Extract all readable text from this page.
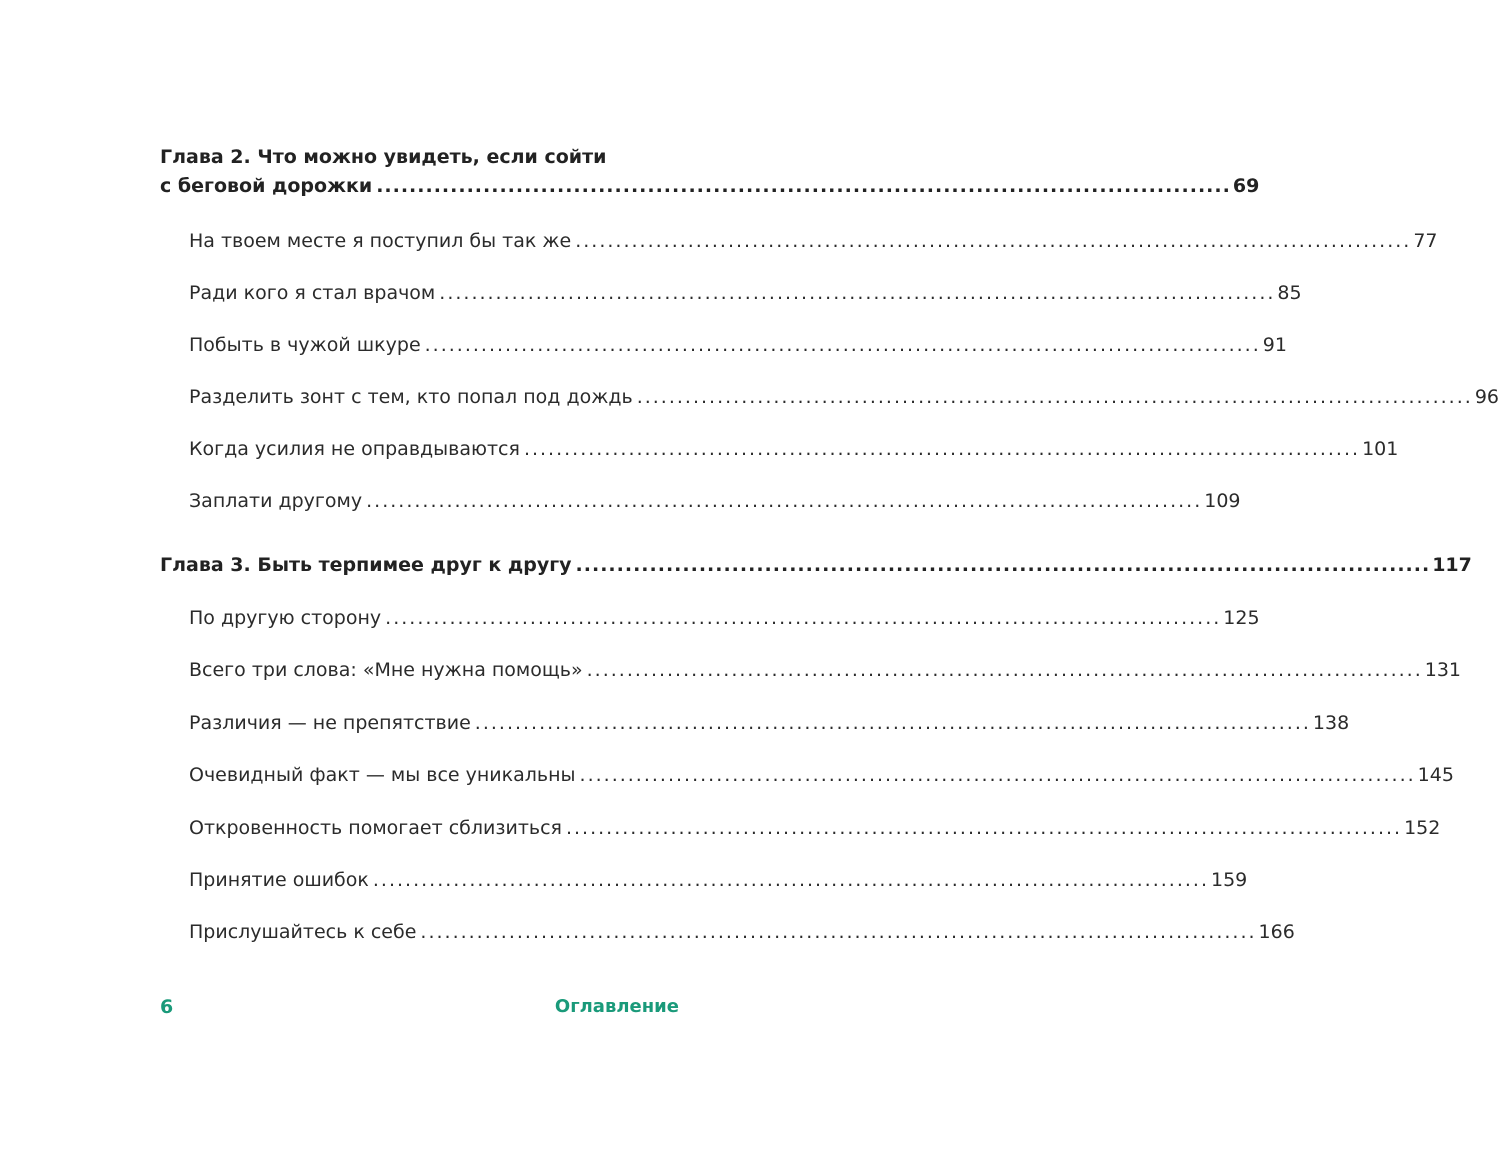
Глава 2. Что можно увидеть, если сойти
с беговой дорожки ........................................................................................................ 69
На твоем месте я поступил бы так же ........................................................................................................ 77
Ради кого я стал врачом ........................................................................................................ 85
Побыть в чужой шкуре ........................................................................................................ 91
Разделить зонт с тем, кто попал под дождь ........................................................................................................ 96
Когда усилия не оправдываются ........................................................................................................ 101
Заплати другому ........................................................................................................ 109
Глава 3. Быть терпимее друг к другу ........................................................................................................ 117
По другую сторону ........................................................................................................ 125
Всего три слова: «Мне нужна помощь» ........................................................................................................ 131
Различия — не препятствие ........................................................................................................ 138
Очевидный факт — мы все уникальны ........................................................................................................ 145
Откровенность помогает сблизиться ........................................................................................................ 152
Принятие ошибок ........................................................................................................ 159
Прислушайтесь к себе ........................................................................................................ 166
6	Оглавление
